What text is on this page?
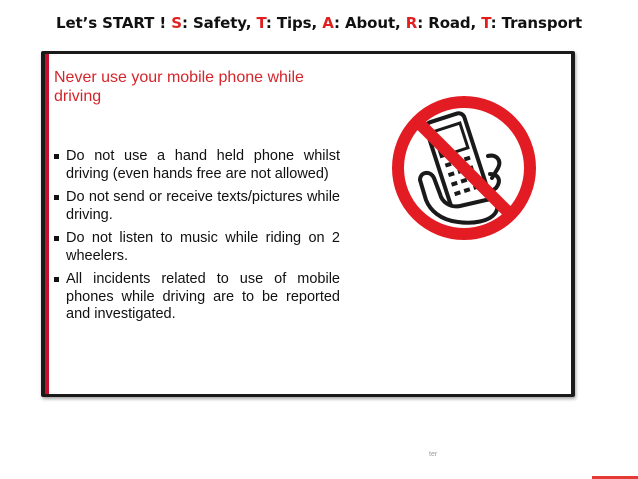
Let’s START ! S: Safety, T: Tips, A: About, R: Road, T: Transport
Never use your mobile phone while driving
Do not use a hand held phone whilst driving (even hands free are not allowed)
Do not send or receive texts/pictures while driving.
Do not listen to music while riding on 2 wheelers.
All incidents related to use of mobile phones while driving are to be reported and investigated.
ter
